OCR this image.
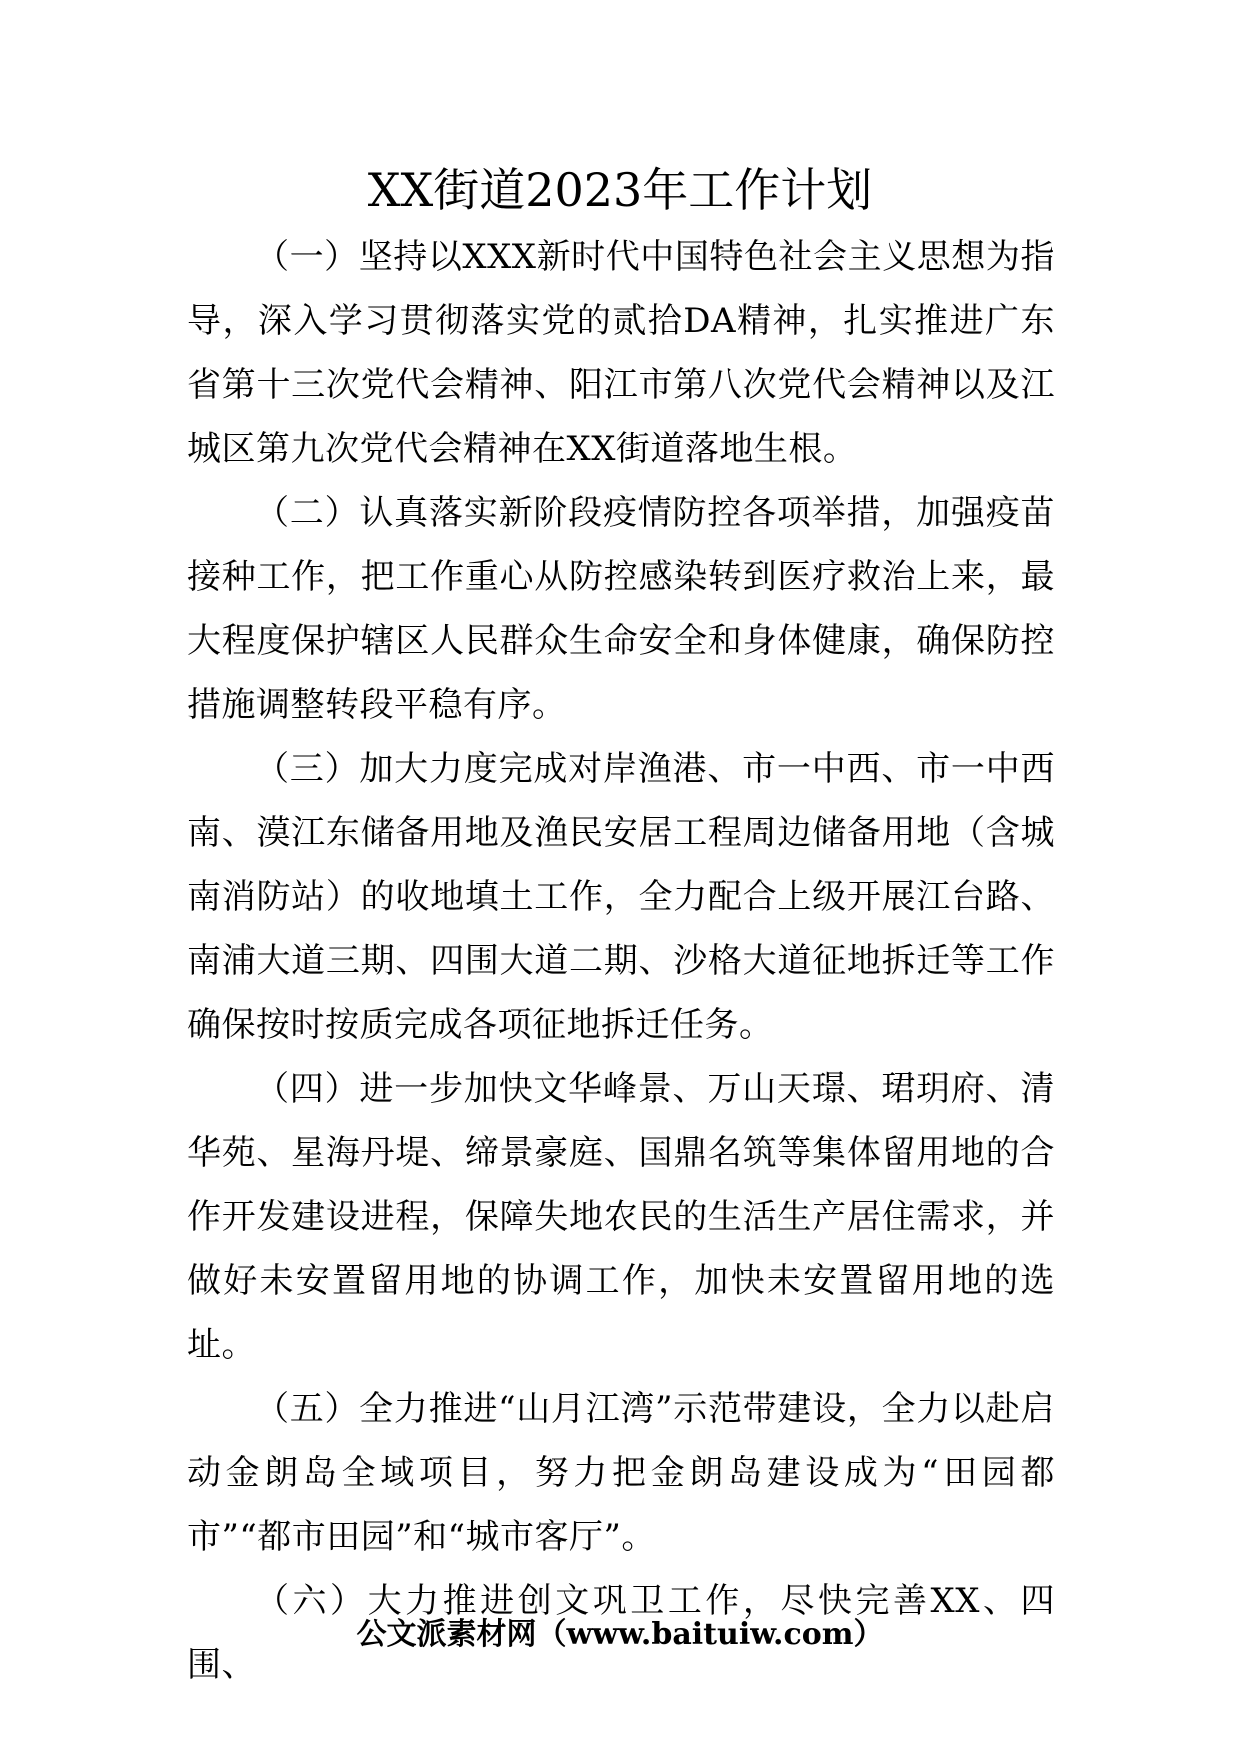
XX街道2023年工作计划

（一）坚持以XXX新时代中国特色社会主义思想为指导，深入学习贯彻落实党的贰拾DA精神，扎实推进广东省第十三次党代会精神、阳江市第八次党代会精神以及江城区第九次党代会精神在XX街道落地生根。

（二）认真落实新阶段疫情防控各项举措，加强疫苗接种工作，把工作重心从防控感染转到医疗救治上来，最大程度保护辖区人民群众生命安全和身体健康，确保防控措施调整转段平稳有序。

（三）加大力度完成对岸渔港、市一中西、市一中西南、漠江东储备用地及渔民安居工程周边储备用地（含城南消防站）的收地填土工作，全力配合上级开展江台路、南浦大道三期、四围大道二期、沙格大道征地拆迁等工作确保按时按质完成各项征地拆迁任务。

（四）进一步加快文华峰景、万山天璟、珺玥府、清华苑、星海丹堤、缔景豪庭、国鼎名筑等集体留用地的合作开发建设进程，保障失地农民的生活生产居住需求，并做好未安置留用地的协调工作，加快未安置留用地的选址。

（五）全力推进“山月江湾”示范带建设，全力以赴启动金朗岛全域项目，努力把金朗岛建设成为“田园都市”“都市田园”和“城市客厅”。

（六）大力推进创文巩卫工作，尽快完善XX、四围、

公文派素材网（www.baituiw.com）
